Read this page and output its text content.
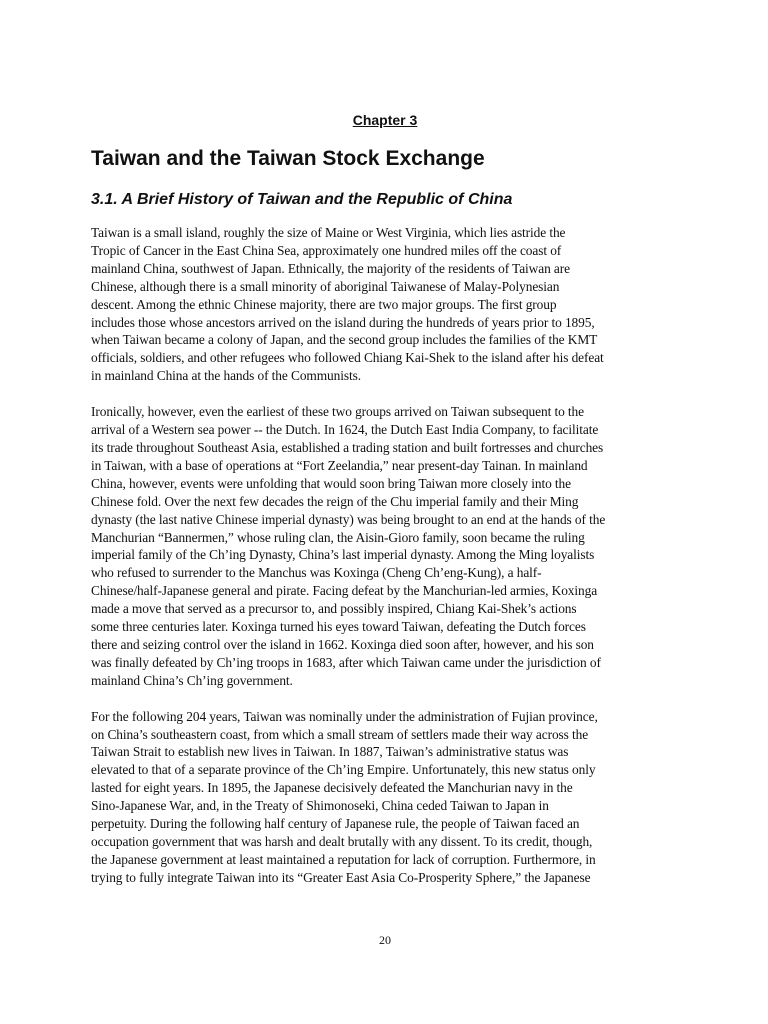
Chapter 3

Taiwan and the Taiwan Stock Exchange
3.1. A Brief History of Taiwan and the Republic of China

Taiwan is a small island, roughly the size of Maine or West Virginia, which lies astride the
Tropic of Cancer in the East China Sea, approximately one hundred miles off the coast of
mainland China, southwest of Japan. Ethnically, the majority of the residents of Taiwan are
Chinese, although there is a small minority of aboriginal Taiwanese of Malay-Polynesian
descent. Among the ethnic Chinese majority, there are two major groups. The first group
includes those whose ancestors arrived on the island during the hundreds of years prior to 1895,
when Taiwan became a colony of Japan, and the second group includes the families of the KMT
officials, soldiers, and other refugees who followed Chiang Kai-Shek to the island after his defeat
in mainland China at the hands of the Communists.

Ironically, however, even the earliest of these two groups arrived on Taiwan subsequent to the
arrival of a Western sea power -- the Dutch. In 1624, the Dutch East India Company, to facilitate
its trade throughout Southeast Asia, established a trading station and built fortresses and churches
in Taiwan, with a base of operations at “Fort Zeelandia,” near present-day Tainan. In mainland
China, however, events were unfolding that would soon bring Taiwan more closely into the
Chinese fold. Over the next few decades the reign of the Chu imperial family and their Ming
dynasty (the last native Chinese imperial dynasty) was being brought to an end at the hands of the
Manchurian “Bannermen,” whose ruling clan, the Aisin-Gioro family, soon became the ruling
imperial family of the Ch’ing Dynasty, China’s last imperial dynasty. Among the Ming loyalists
who refused to surrender to the Manchus was Koxinga (Cheng Ch’eng-Kung), a half-
Chinese/half-Japanese general and pirate. Facing defeat by the Manchurian-led armies, Koxinga
made a move that served as a precursor to, and possibly inspired, Chiang Kai-Shek’s actions
some three centuries later. Koxinga turned his eyes toward Taiwan, defeating the Dutch forces
there and seizing control over the island in 1662. Koxinga died soon after, however, and his son
was finally defeated by Ch’ing troops in 1683, after which Taiwan came under the jurisdiction of
mainland China’s Ch’ing government.

For the following 204 years, Taiwan was nominally under the administration of Fujian province,
on China’s southeastern coast, from which a small stream of settlers made their way across the
Taiwan Strait to establish new lives in Taiwan. In 1887, Taiwan’s administrative status was
elevated to that of a separate province of the Ch’ing Empire. Unfortunately, this new status only
lasted for eight years. In 1895, the Japanese decisively defeated the Manchurian navy in the
Sino-Japanese War, and, in the Treaty of Shimonoseki, China ceded Taiwan to Japan in
perpetuity. During the following half century of Japanese rule, the people of Taiwan faced an
occupation government that was harsh and dealt brutally with any dissent. To its credit, though,
the Japanese government at least maintained a reputation for lack of corruption. Furthermore, in
trying to fully integrate Taiwan into its “Greater East Asia Co-Prosperity Sphere,” the Japanese

20
